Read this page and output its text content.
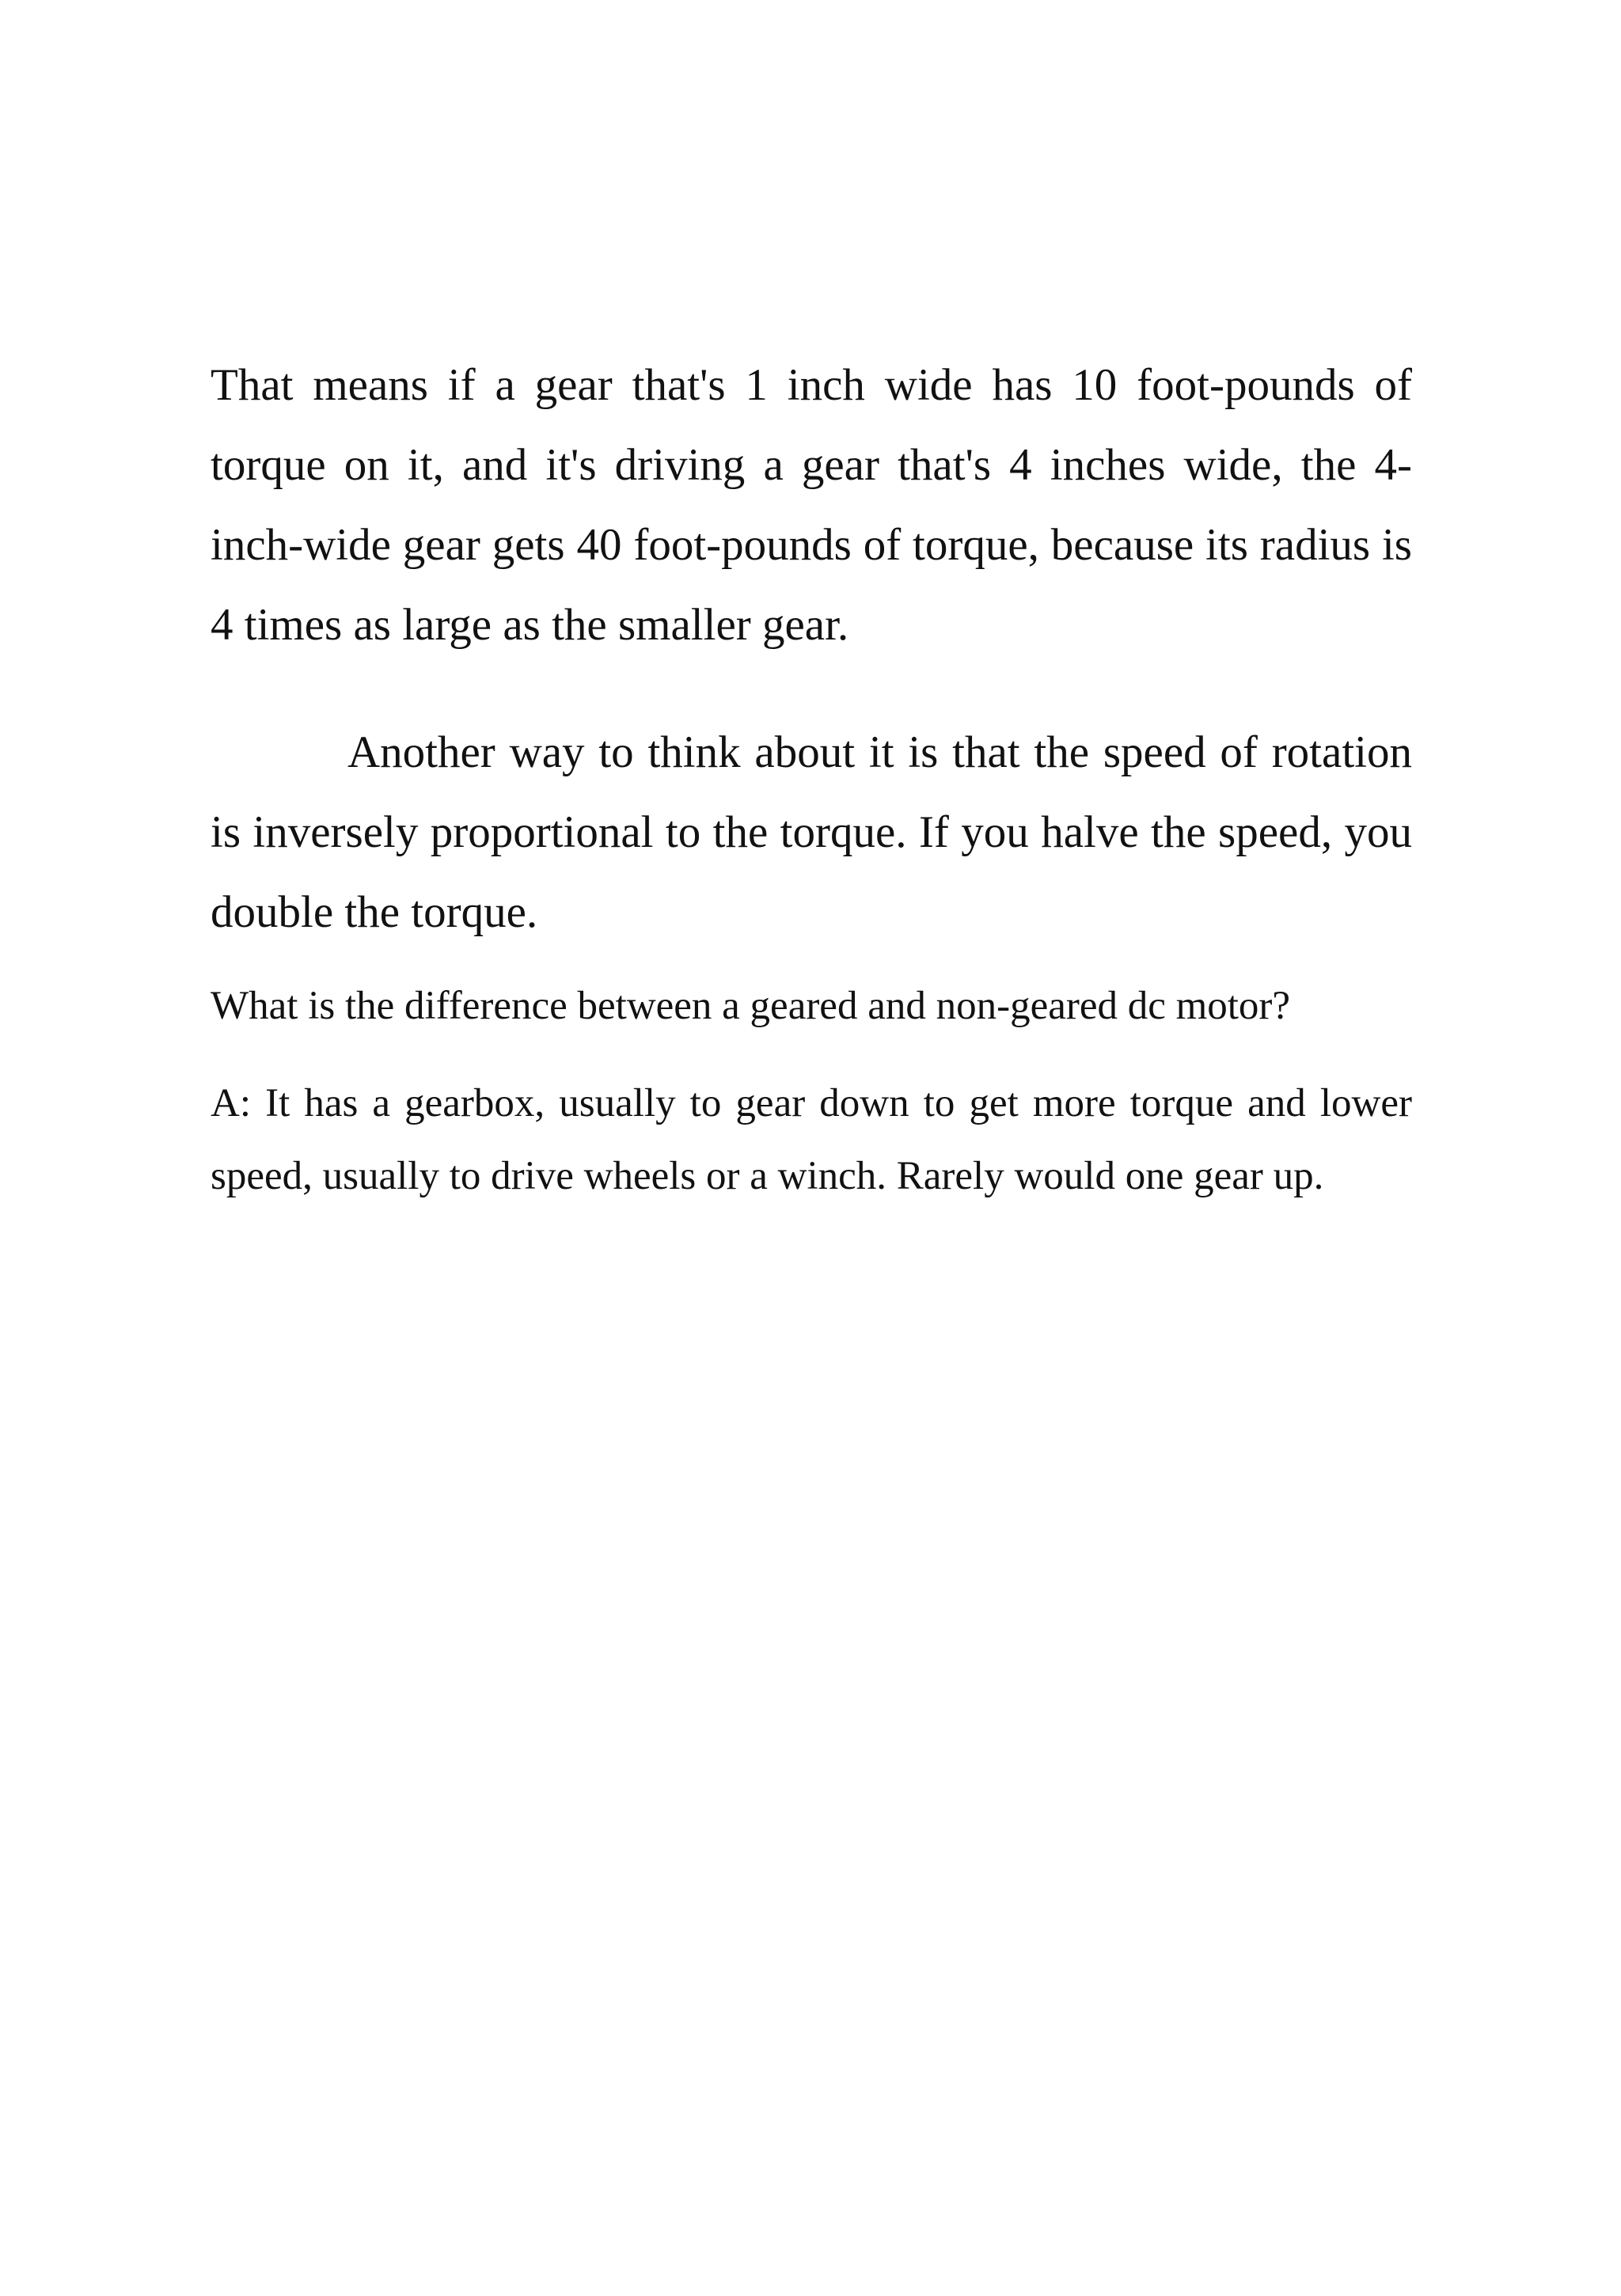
That means if a gear that's 1 inch wide has 10 foot-pounds of torque on it, and it's driving a gear that's 4 inches wide, the 4-inch-wide gear gets 40 foot-pounds of torque, because its radius is 4 times as large as the smaller gear.

Another way to think about it is that the speed of rotation is inversely proportional to the torque. If you halve the speed, you double the torque.

What is the difference between a geared and non-geared dc motor?

A: It has a gearbox, usually to gear down to get more torque and lower speed, usually to drive wheels or a winch. Rarely would one gear up.
